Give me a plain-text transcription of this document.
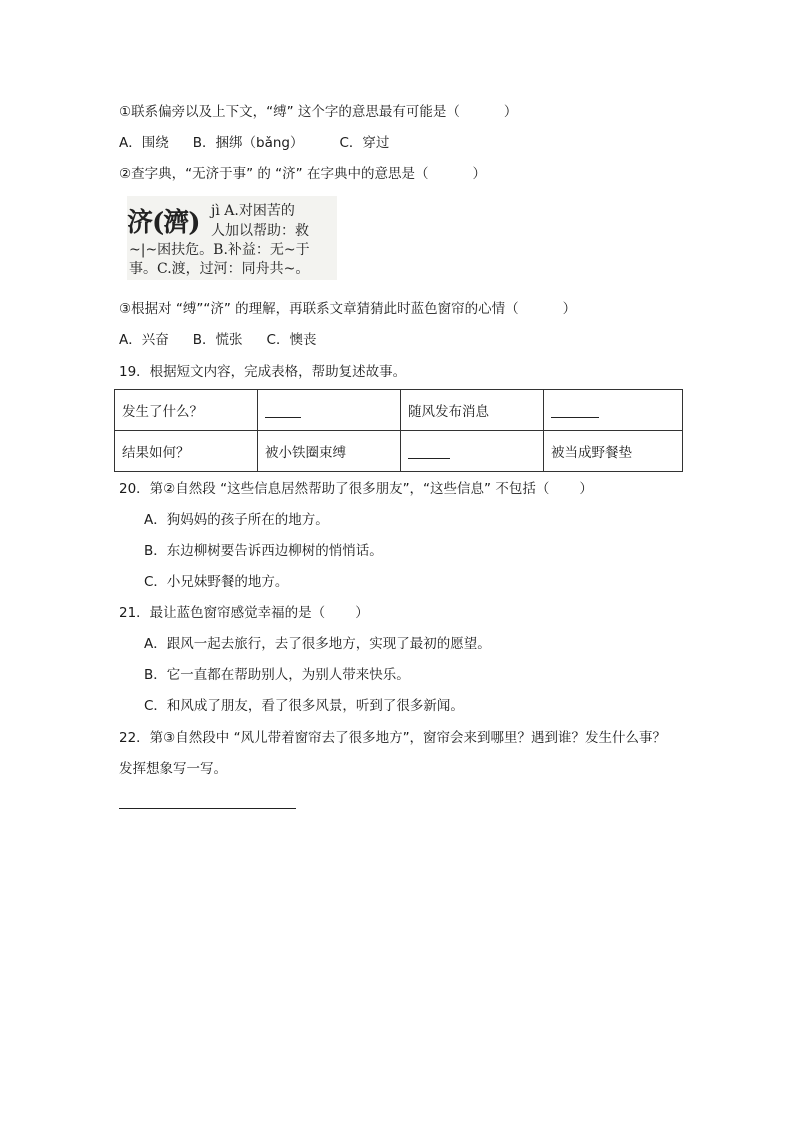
①联系偏旁以及上下文，“缚” 这个字的意思最有可能是（	）
A．围绕 B．捆绑（bǎng）	C．穿过
②查字典，“无济于事” 的 “济” 在字典中的意思是（	）
济(濟) jì A.对困苦的
人加以帮助：救
~|~困扶危。B.补益：无~于
事。C.渡，过河：同舟共~。
③根据对 “缚”“济” 的理解，再联系文章猜猜此时蓝色窗帘的心情（	）
A．兴奋 B．慌张 C．懊丧
19．根据短文内容，完成表格，帮助复述故事。
发生了什么？		随风发布消息	
结果如何？	被小铁圈束缚		被当成野餐垫
20．第②自然段 “这些信息居然帮助了很多朋友”，“这些信息” 不包括（ ）
A．狗妈妈的孩子所在的地方。
B．东边柳树要告诉西边柳树的悄悄话。
C．小兄妹野餐的地方。
21．最让蓝色窗帘感觉幸福的是（ ）
A．跟风一起去旅行，去了很多地方，实现了最初的愿望。
B．它一直都在帮助别人，为别人带来快乐。
C．和风成了朋友，看了很多风景，听到了很多新闻。
22．第③自然段中 “风儿带着窗帘去了很多地方”，窗帘会来到哪里？遇到谁？发生什么事？
发挥想象写一写。
